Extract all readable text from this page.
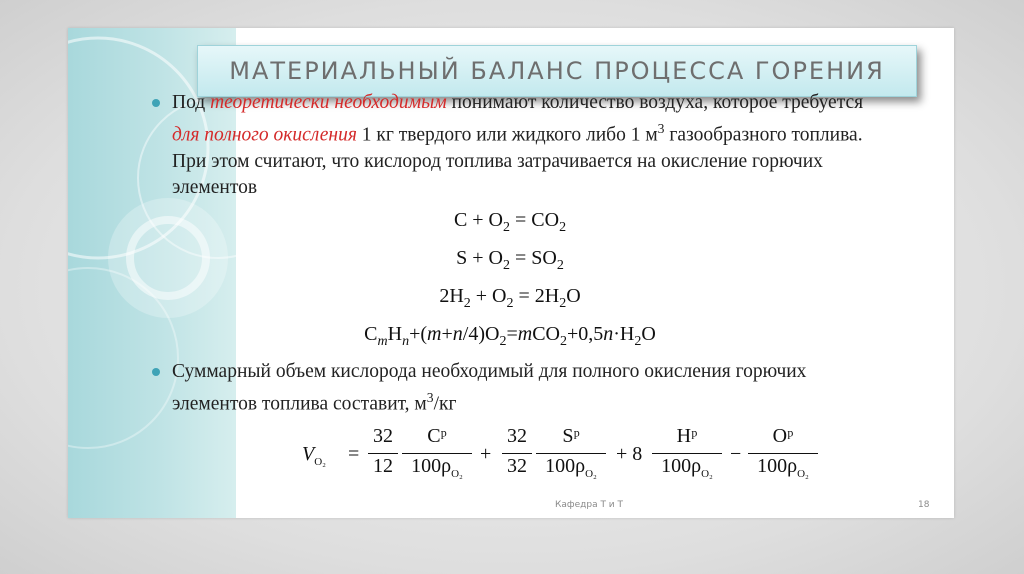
МАТЕРИАЛЬНЫЙ БАЛАНС ПРОЦЕССА ГОРЕНИЯ
Под теоретически необходимым понимают количество воздуха, которое требуется для полного окисления 1 кг твердого или жидкого либо 1 $м^3$ газообразного топлива. При этом считают, что кислород топлива затрачивается на окисление горючих элементов
$C + O_2 = CO_2$
$S + O_2 = SO_2$
$2H_2 + O_2 = 2H_2O$
$C_mH_n+(m+n/4)O_2=mCO_2+0,5n\cdot H_2O$
Суммарный объем кислорода необходимый для полного окисления горючих элементов топлива составит, $м^3/кг$
$V_{O_2}$ =
32
12
Cᵖ
$100\rho_{O_2}$
+
32
32
Sᵖ
$100\rho_{O_2}$
+ 8
Hᵖ
$100\rho_{O_2}$
−
Oᵖ
$100\rho_{O_2}$
Кафедра Т и Т	18
